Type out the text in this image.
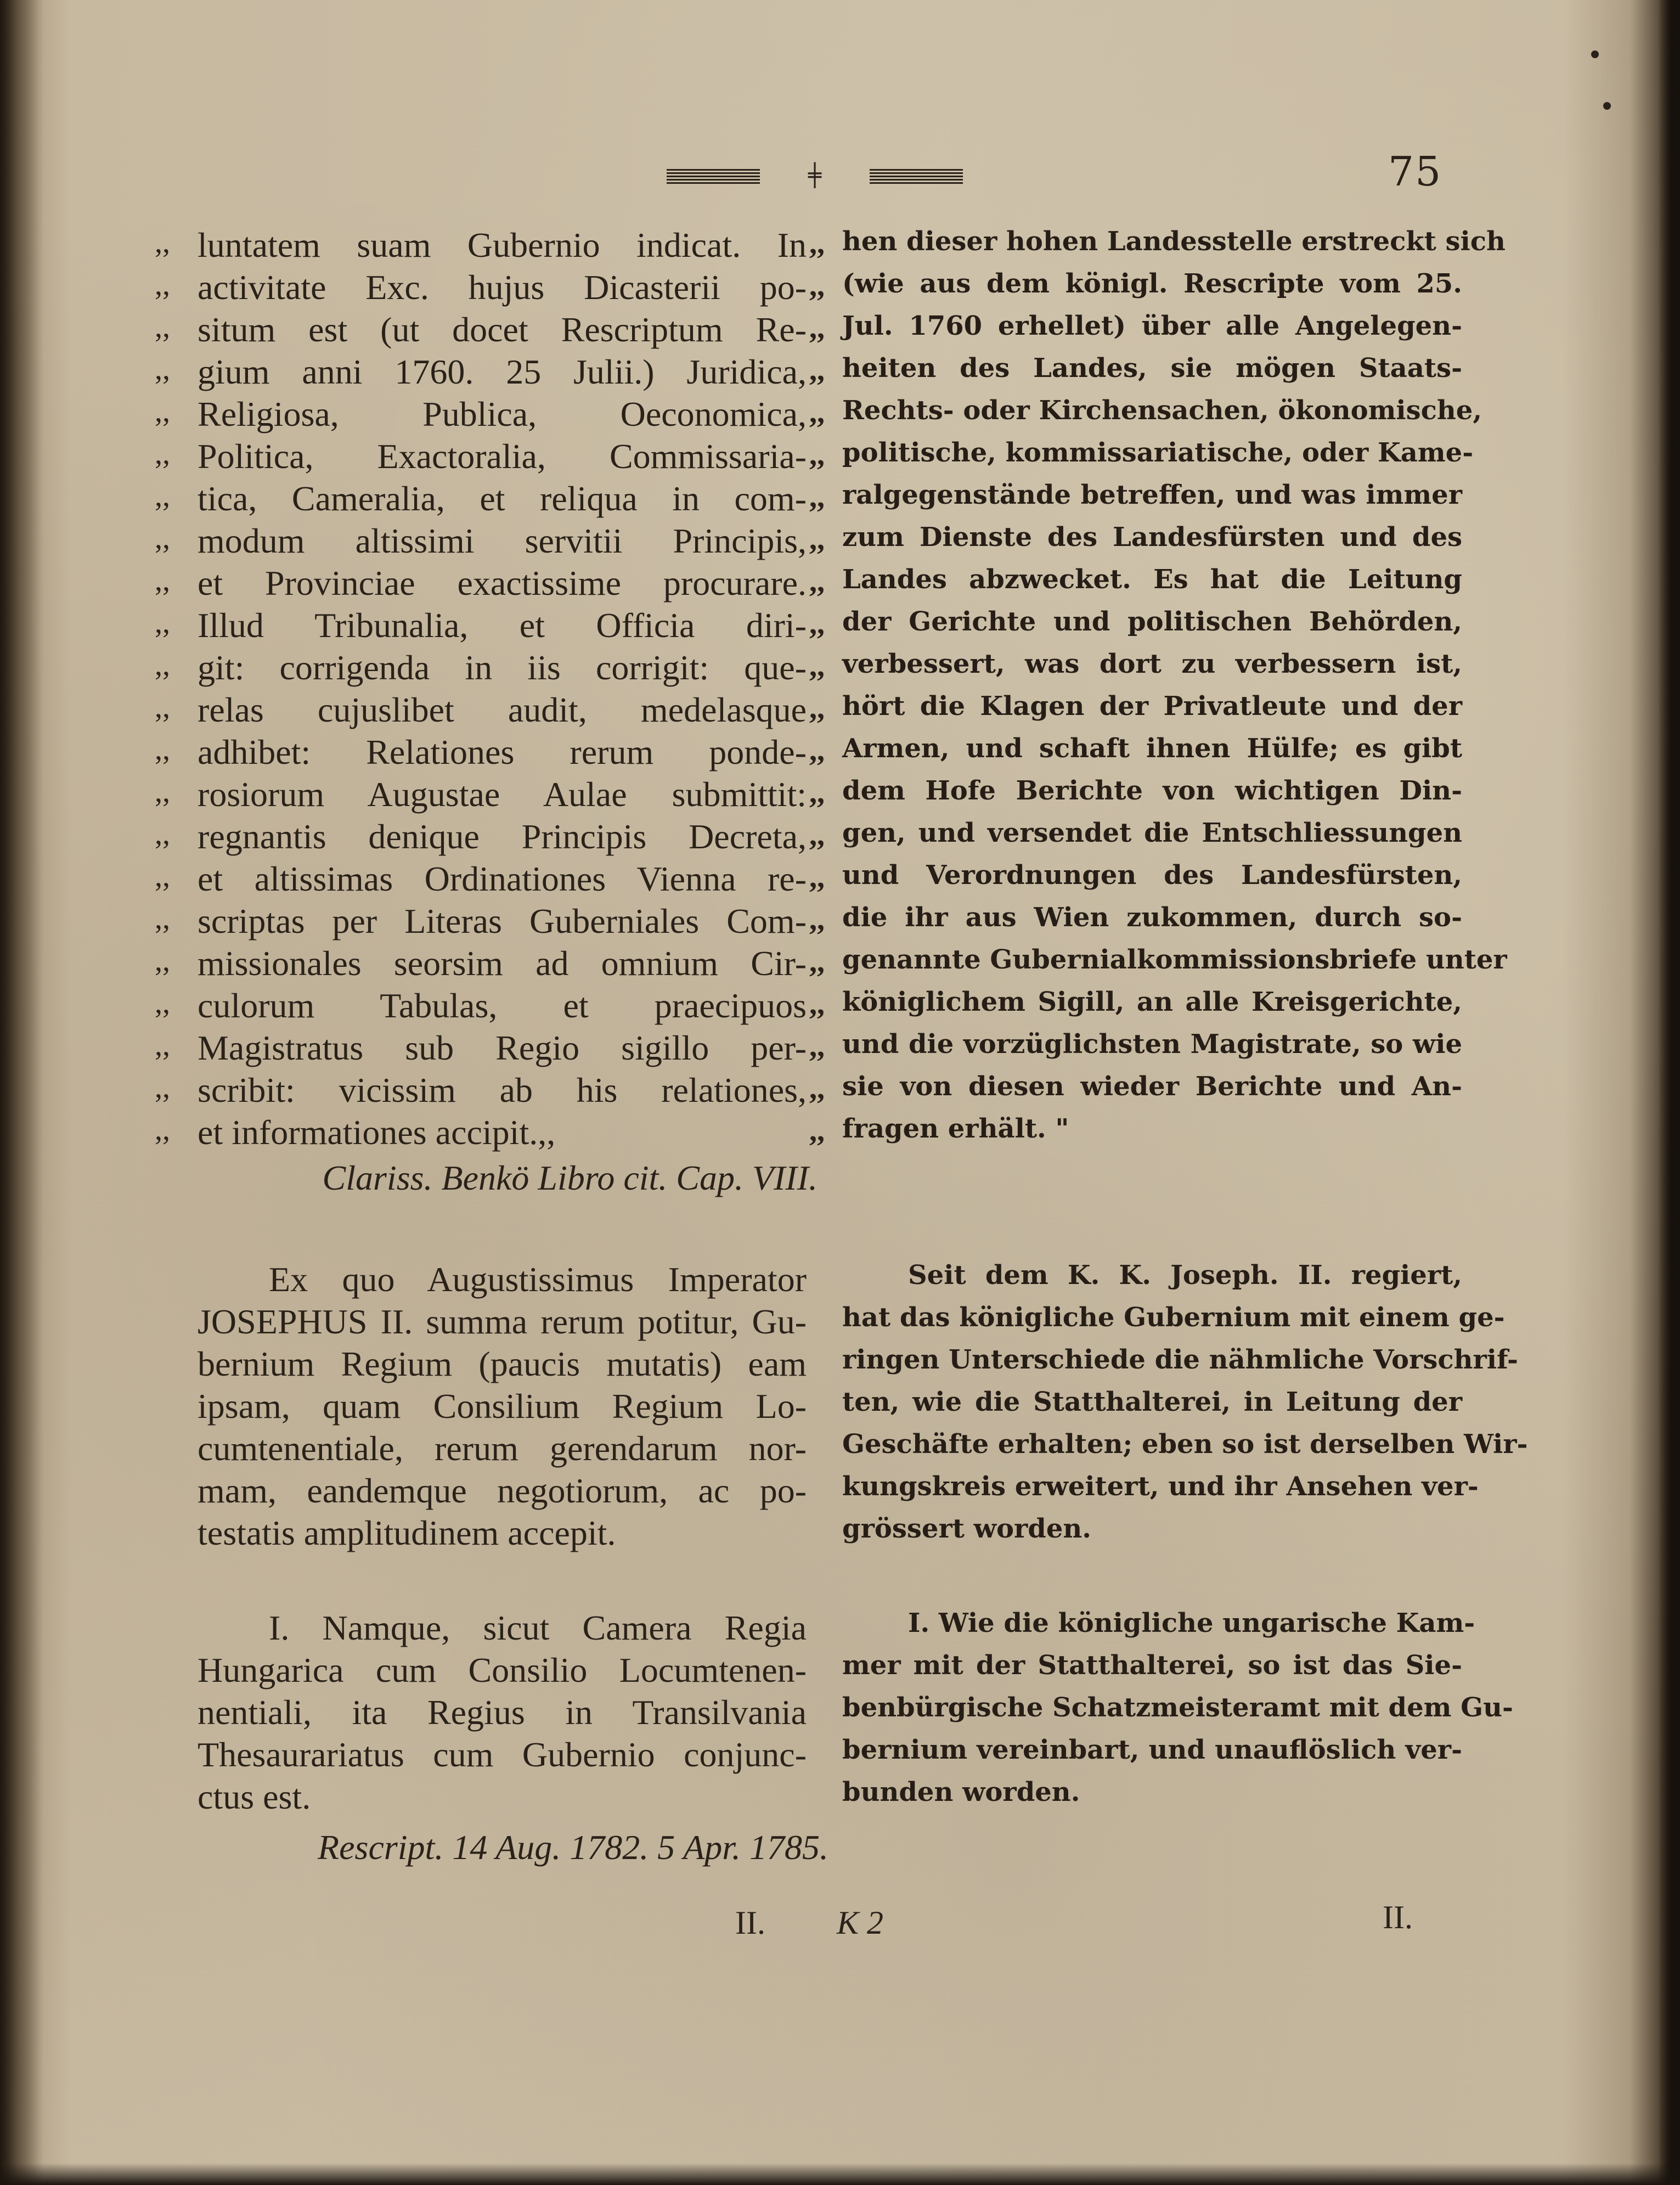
╪	75
luntatem suam Gubernio indicat. In
,,
activitate Exc. hujus Dicasterii po-
,,
situm est (ut docet Rescriptum Re-
,,
gium anni 1760. 25 Julii.) Juridica,
,,
Religiosa, Publica, Oeconomica,
,,
Politica, Exactoralia, Commissaria-
,,
tica, Cameralia, et reliqua in com-
,,
modum altissimi servitii Principis,
,,
et Provinciae exactissime procurare.
,,
Illud Tribunalia, et Officia diri-
,,
git: corrigenda in iis corrigit: que-
,,
relas cujuslibet audit, medelasque
,,
adhibet: Relationes rerum ponde-
,,
rosiorum Augustae Aulae submittit:
,,
regnantis denique Principis Decreta,
,,
et altissimas Ordinationes Vienna re-
,,
scriptas per Literas Guberniales Com-
,,
missionales seorsim ad omnium Cir-
,,
culorum Tabulas, et praecipuos
,,
Magistratus sub Regio sigillo per-
,,
scribit: vicissim ab his relationes,
,,
et informationes accipit.,,
,,
Clariss. Benkö Libro cit. Cap. VIII.
Ex quo Augustissimus Imperator
JOSEPHUS II. summa rerum potitur, Gu-
bernium Regium (paucis mutatis) eam
ipsam, quam Consilium Regium Lo-
cumtenentiale, rerum gerendarum nor-
mam, eandemque negotiorum, ac po-
testatis amplitudinem accepit.
I. Namque, sicut Camera Regia
Hungarica cum Consilio Locumtenen-
nentiali, ita Regius in Transilvania
Thesaurariatus cum Gubernio conjunc-
ctus est.
Rescript. 14 Aug. 1782. 5 Apr. 1785.
hen dieser hohen Landesstelle erstreckt sich
,,
(wie aus dem königl. Rescripte vom 25.
,,
Jul. 1760 erhellet) über alle Angelegen-
,,
heiten des Landes, sie mögen Staats-
,,
Rechts- oder Kirchensachen, ökonomische,
,,
politische, kommissariatische, oder Kame-
,,
ralgegenstände betreffen, und was immer
,,
zum Dienste des Landesfürsten und des
,,
Landes abzwecket. Es hat die Leitung
,,
der Gerichte und politischen Behörden,
,,
verbessert, was dort zu verbessern ist,
,,
hört die Klagen der Privatleute und der
,,
Armen, und schaft ihnen Hülfe; es gibt
,,
dem Hofe Berichte von wichtigen Din-
,,
gen, und versendet die Entschliessungen
,,
und Verordnungen des Landesfürsten,
,,
die ihr aus Wien zukommen, durch so-
,,
genannte Gubernialkommissionsbriefe unter
,,
königlichem Sigill, an alle Kreisgerichte,
,,
und die vorzüglichsten Magistrate, so wie
,,
sie von diesen wieder Berichte und An-
,,
fragen erhält. "
,,
Seit dem K. K. Joseph. II. regiert,
hat das königliche Gubernium mit einem ge-
ringen Unterschiede die nähmliche Vorschrif-
ten, wie die Statthalterei, in Leitung der
Geschäfte erhalten; eben so ist derselben Wir-
kungskreis erweitert, und ihr Ansehen ver-
grössert worden.
I. Wie die königliche ungarische Kam-
mer mit der Statthalterei, so ist das Sie-
benbürgische Schatzmeisteramt mit dem Gu-
bernium vereinbart, und unauflöslich ver-
bunden worden.
II. K 2	II.
